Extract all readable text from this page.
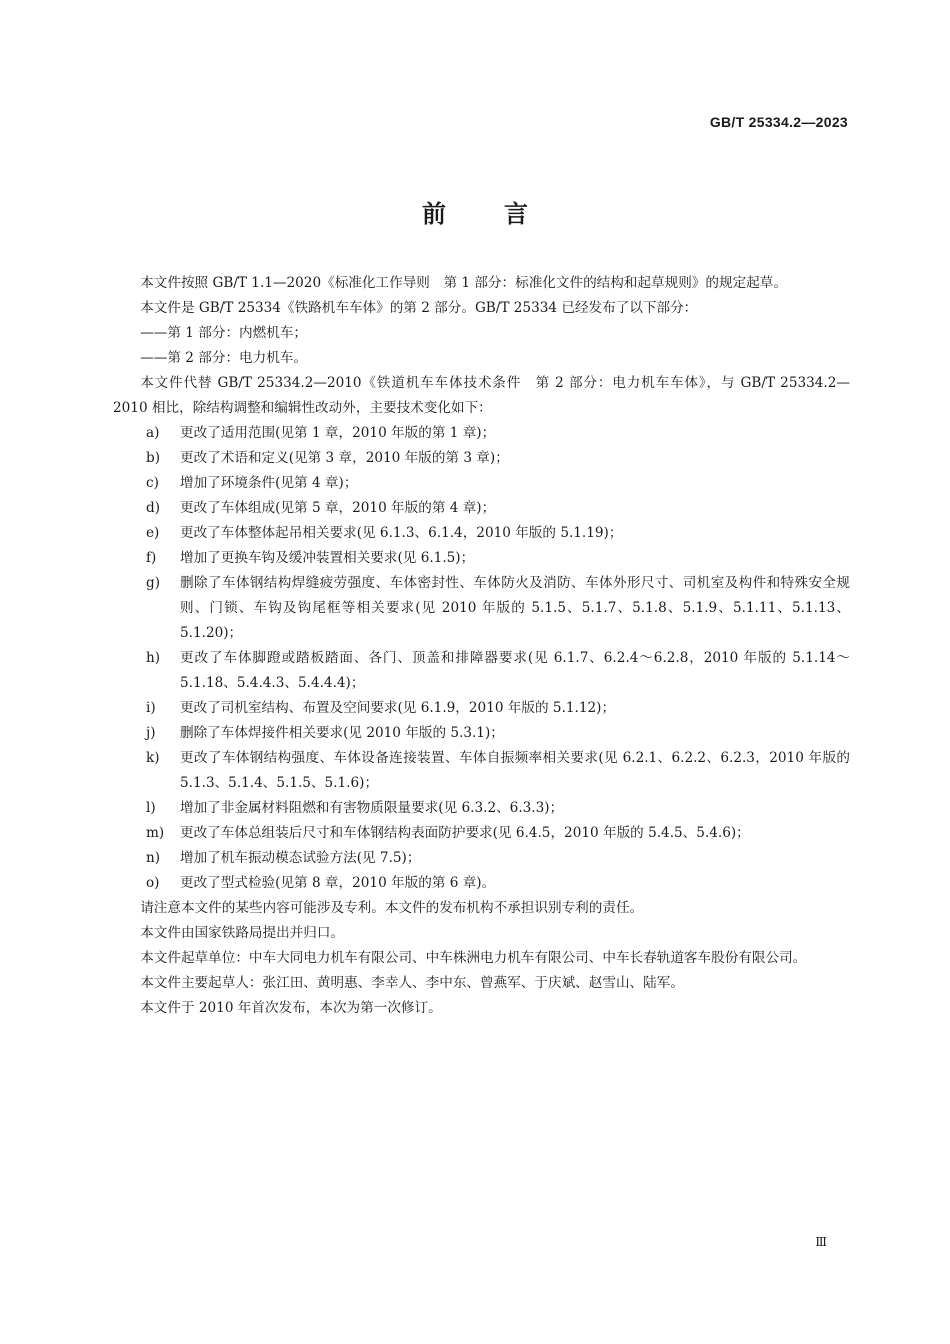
GB/T 25334.2—2023
前 言
本文件按照 GB/T 1.1—2020《标准化工作导则　第 1 部分：标准化文件的结构和起草规则》的规定起草。
本文件是 GB/T 25334《铁路机车车体》的第 2 部分。GB/T 25334 已经发布了以下部分：
——第 1 部分：内燃机车；
——第 2 部分：电力机车。
本文件代替 GB/T 25334.2—2010《铁道机车车体技术条件　第 2 部分：电力机车车体》，与 GB/T 25334.2—2010 相比，除结构调整和编辑性改动外，主要技术变化如下：
a)	更改了适用范围(见第 1 章，2010 年版的第 1 章)；
b)	更改了术语和定义(见第 3 章，2010 年版的第 3 章)；
c)	增加了环境条件(见第 4 章)；
d)	更改了车体组成(见第 5 章，2010 年版的第 4 章)；
e)	更改了车体整体起吊相关要求(见 6.1.3、6.1.4，2010 年版的 5.1.19)；
f)	增加了更换车钩及缓冲装置相关要求(见 6.1.5)；
g)	删除了车体钢结构焊缝疲劳强度、车体密封性、车体防火及消防、车体外形尺寸、司机室及构件和特殊安全规则、门锁、车钩及钩尾框等相关要求(见 2010 年版的 5.1.5、5.1.7、5.1.8、5.1.9、5.1.11、5.1.13、5.1.20)；
h)	更改了车体脚蹬或踏板踏面、各门、顶盖和排障器要求(见 6.1.7、6.2.4～6.2.8，2010 年版的 5.1.14～5.1.18、5.4.4.3、5.4.4.4)；
i)	更改了司机室结构、布置及空间要求(见 6.1.9，2010 年版的 5.1.12)；
j)	删除了车体焊接件相关要求(见 2010 年版的 5.3.1)；
k)	更改了车体钢结构强度、车体设备连接装置、车体自振频率相关要求(见 6.2.1、6.2.2、6.2.3，2010 年版的 5.1.3、5.1.4、5.1.5、5.1.6)；
l)	增加了非金属材料阻燃和有害物质限量要求(见 6.3.2、6.3.3)；
m)	更改了车体总组装后尺寸和车体钢结构表面防护要求(见 6.4.5，2010 年版的 5.4.5、5.4.6)；
n)	增加了机车振动模态试验方法(见 7.5)；
o)	更改了型式检验(见第 8 章，2010 年版的第 6 章)。
请注意本文件的某些内容可能涉及专利。本文件的发布机构不承担识别专利的责任。
本文件由国家铁路局提出并归口。
本文件起草单位：中车大同电力机车有限公司、中车株洲电力机车有限公司、中车长春轨道客车股份有限公司。
本文件主要起草人：张江田、黄明惠、李幸人、李中东、曾燕军、于庆斌、赵雪山、陆军。
本文件于 2010 年首次发布，本次为第一次修订。
Ⅲ
